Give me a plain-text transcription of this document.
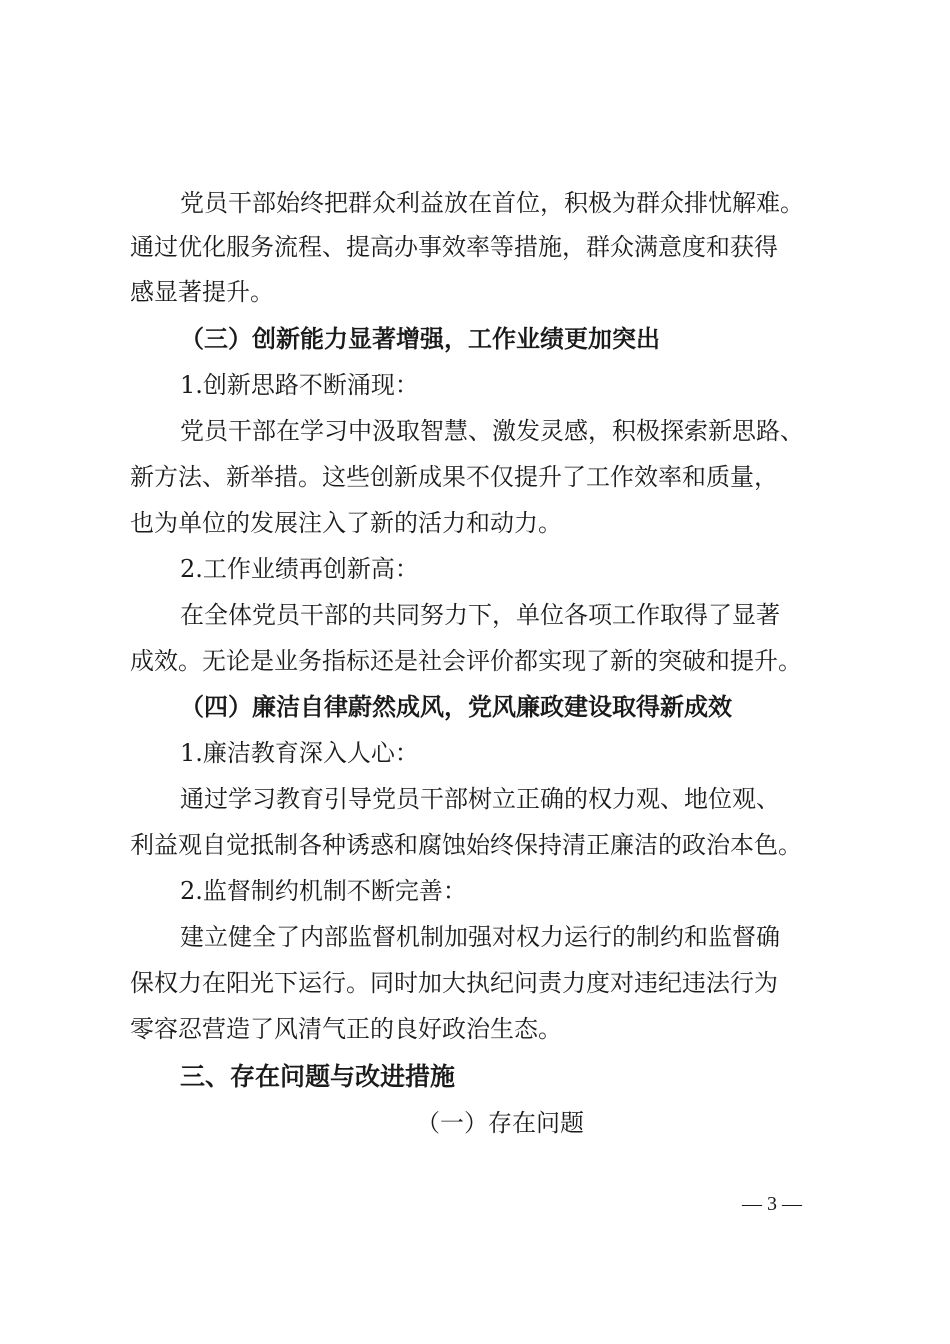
党员干部始终把群众利益放在首位，积极为群众排忧解难。

通过优化服务流程、提高办事效率等措施，群众满意度和获得

感显著提升。

（三）创新能力显著增强，工作业绩更加突出

1.创新思路不断涌现：

党员干部在学习中汲取智慧、激发灵感，积极探索新思路、

新方法、新举措。这些创新成果不仅提升了工作效率和质量，

也为单位的发展注入了新的活力和动力。

2.工作业绩再创新高：

在全体党员干部的共同努力下，单位各项工作取得了显著

成效。无论是业务指标还是社会评价都实现了新的突破和提升。

（四）廉洁自律蔚然成风，党风廉政建设取得新成效

1.廉洁教育深入人心：

通过学习教育引导党员干部树立正确的权力观、地位观、

利益观自觉抵制各种诱惑和腐蚀始终保持清正廉洁的政治本色。

2.监督制约机制不断完善：

建立健全了内部监督机制加强对权力运行的制约和监督确

保权力在阳光下运行。同时加大执纪问责力度对违纪违法行为

零容忍营造了风清气正的良好政治生态。

三、存在问题与改进措施

（一）存在问题

— 3 —
